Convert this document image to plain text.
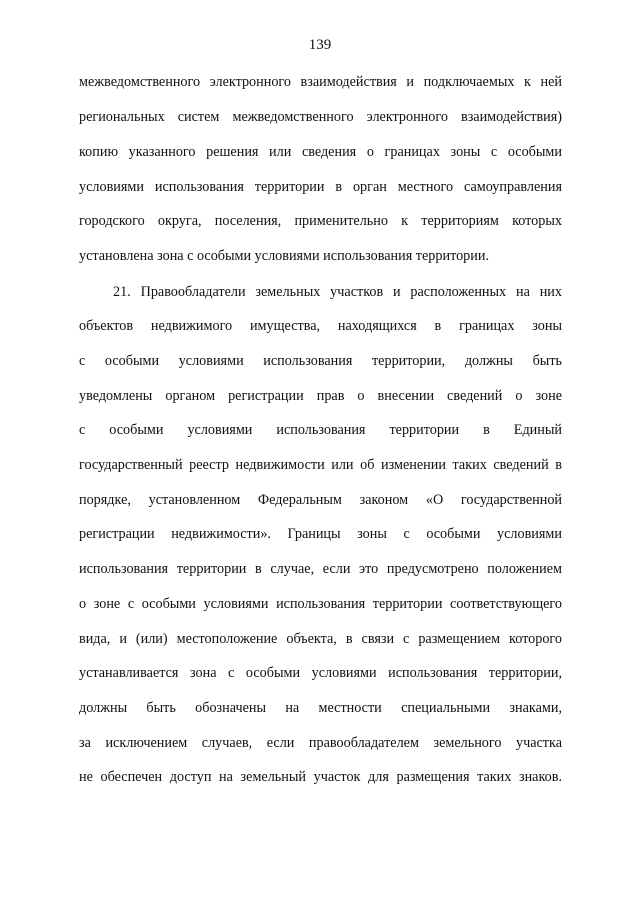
139
межведомственного электронного взаимодействия и подключаемых к ней
региональных систем межведомственного электронного взаимодействия)
копию указанного решения или сведения о границах зоны с особыми
условиями использования территории в орган местного самоуправления
городского округа, поселения, применительно к территориям которых
установлена зона с особыми условиями использования территории.
21. Правообладатели земельных участков и расположенных на них
объектов недвижимого имущества, находящихся в границах зоны
с особыми условиями использования территории, должны быть
уведомлены органом регистрации прав о внесении сведений о зоне
с особыми условиями использования территории в Единый
государственный реестр недвижимости или об изменении таких сведений в
порядке, установленном Федеральным законом «О государственной
регистрации недвижимости». Границы зоны с особыми условиями
использования территории в случае, если это предусмотрено положением
о зоне с особыми условиями использования территории соответствующего
вида, и (или) местоположение объекта, в связи с размещением которого
устанавливается зона с особыми условиями использования территории,
должны быть обозначены на местности специальными знаками,
за исключением случаев, если правообладателем земельного участка
не обеспечен доступ на земельный участок для размещения таких знаков.
